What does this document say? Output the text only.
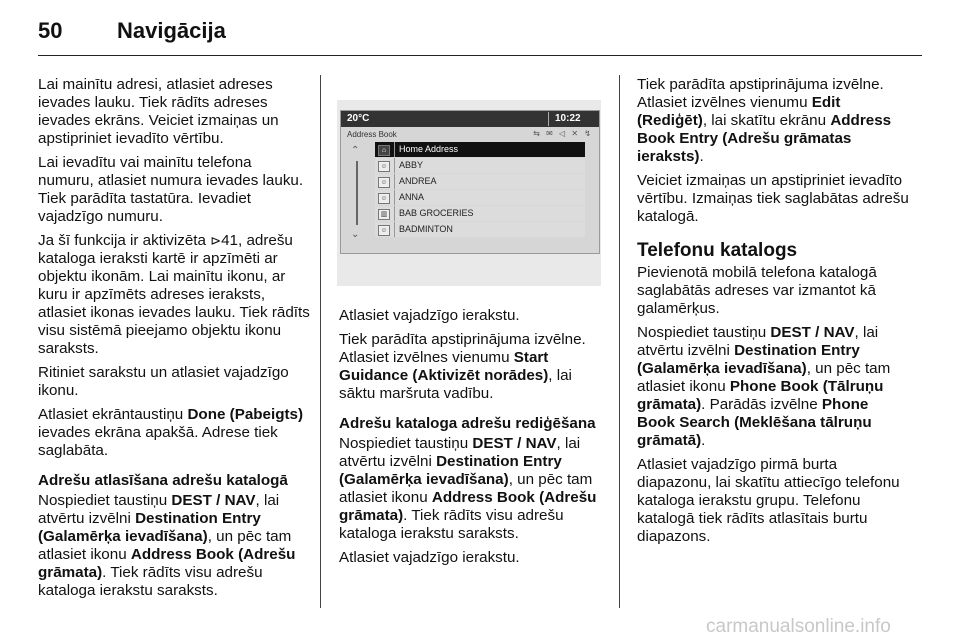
50 Navigācija

Lai mainītu adresi, atlasiet adreses ievades lauku. Tiek rādīts adreses ievades ekrāns. Veiciet izmaiņas un apstipriniet ievadīto vērtību.

Lai ievadītu vai mainītu telefona numuru, atlasiet numura ievades lauku. Tiek parādīta tastatūra. Ievadiet vajadzīgo numuru.

Ja šī funkcija ir aktivizēta ⊳41, adrešu kataloga ieraksti kartē ir apzīmēti ar objektu ikonām. Lai mainītu ikonu, ar kuru ir apzīmēts adreses ieraksts, atlasiet ikonas ievades lauku. Tiek rādīts visu sistēmā pieejamo objektu ikonu saraksts.

Ritiniet sarakstu un atlasiet vajadzīgo ikonu.

Atlasiet ekrāntaustiņu Done (Pabeigts) ievades ekrāna apakšā. Adrese tiek saglabāta.

Adrešu atlasīšana adrešu katalogā

Nospiediet taustiņu DEST / NAV, lai atvērtu izvēlni Destination Entry (Galamērķa ievadīšana), un pēc tam atlasiet ikonu Address Book (Adrešu grāmata). Tiek rādīts visu adrešu kataloga ierakstu saraksts.

20°C	10:22
Address Book	⇆ ✉ ◁ ✕ ↯
⌃
⌄
⌂	Home Address
☺ ABBY
☺ ANDREA
☺ ANNA
▥ BAB GROCERIES
☺ BADMINTON

Atlasiet vajadzīgo ierakstu.

Tiek parādīta apstiprinājuma izvēlne. Atlasiet izvēlnes vienumu Start Guidance (Aktivizēt norādes), lai sāktu maršruta vadību.

Adrešu kataloga adrešu rediģēšana

Nospiediet taustiņu DEST / NAV, lai atvērtu izvēlni Destination Entry (Galamērķa ievadīšana), un pēc tam atlasiet ikonu Address Book (Adrešu grāmata). Tiek rādīts visu adrešu kataloga ierakstu saraksts.

Atlasiet vajadzīgo ierakstu.

Tiek parādīta apstiprinājuma izvēlne. Atlasiet izvēlnes vienumu Edit (Rediģēt), lai skatītu ekrānu Address Book Entry (Adrešu grāmatas ieraksts).

Veiciet izmaiņas un apstipriniet ievadīto vērtību. Izmaiņas tiek saglabātas adrešu katalogā.

Telefonu katalogs

Pievienotā mobilā telefona katalogā saglabātās adreses var izmantot kā galamērķus.

Nospiediet taustiņu DEST / NAV, lai atvērtu izvēlni Destination Entry (Galamērķa ievadīšana), un pēc tam atlasiet ikonu Phone Book (Tālruņu grāmata). Parādās izvēlne Phone Book Search (Meklēšana tālruņu grāmatā).

Atlasiet vajadzīgo pirmā burta diapazonu, lai skatītu attiecīgo telefonu kataloga ierakstu grupu. Telefonu katalogā tiek rādīts atlasītais burtu diapazons.

carmanualsonline.info
